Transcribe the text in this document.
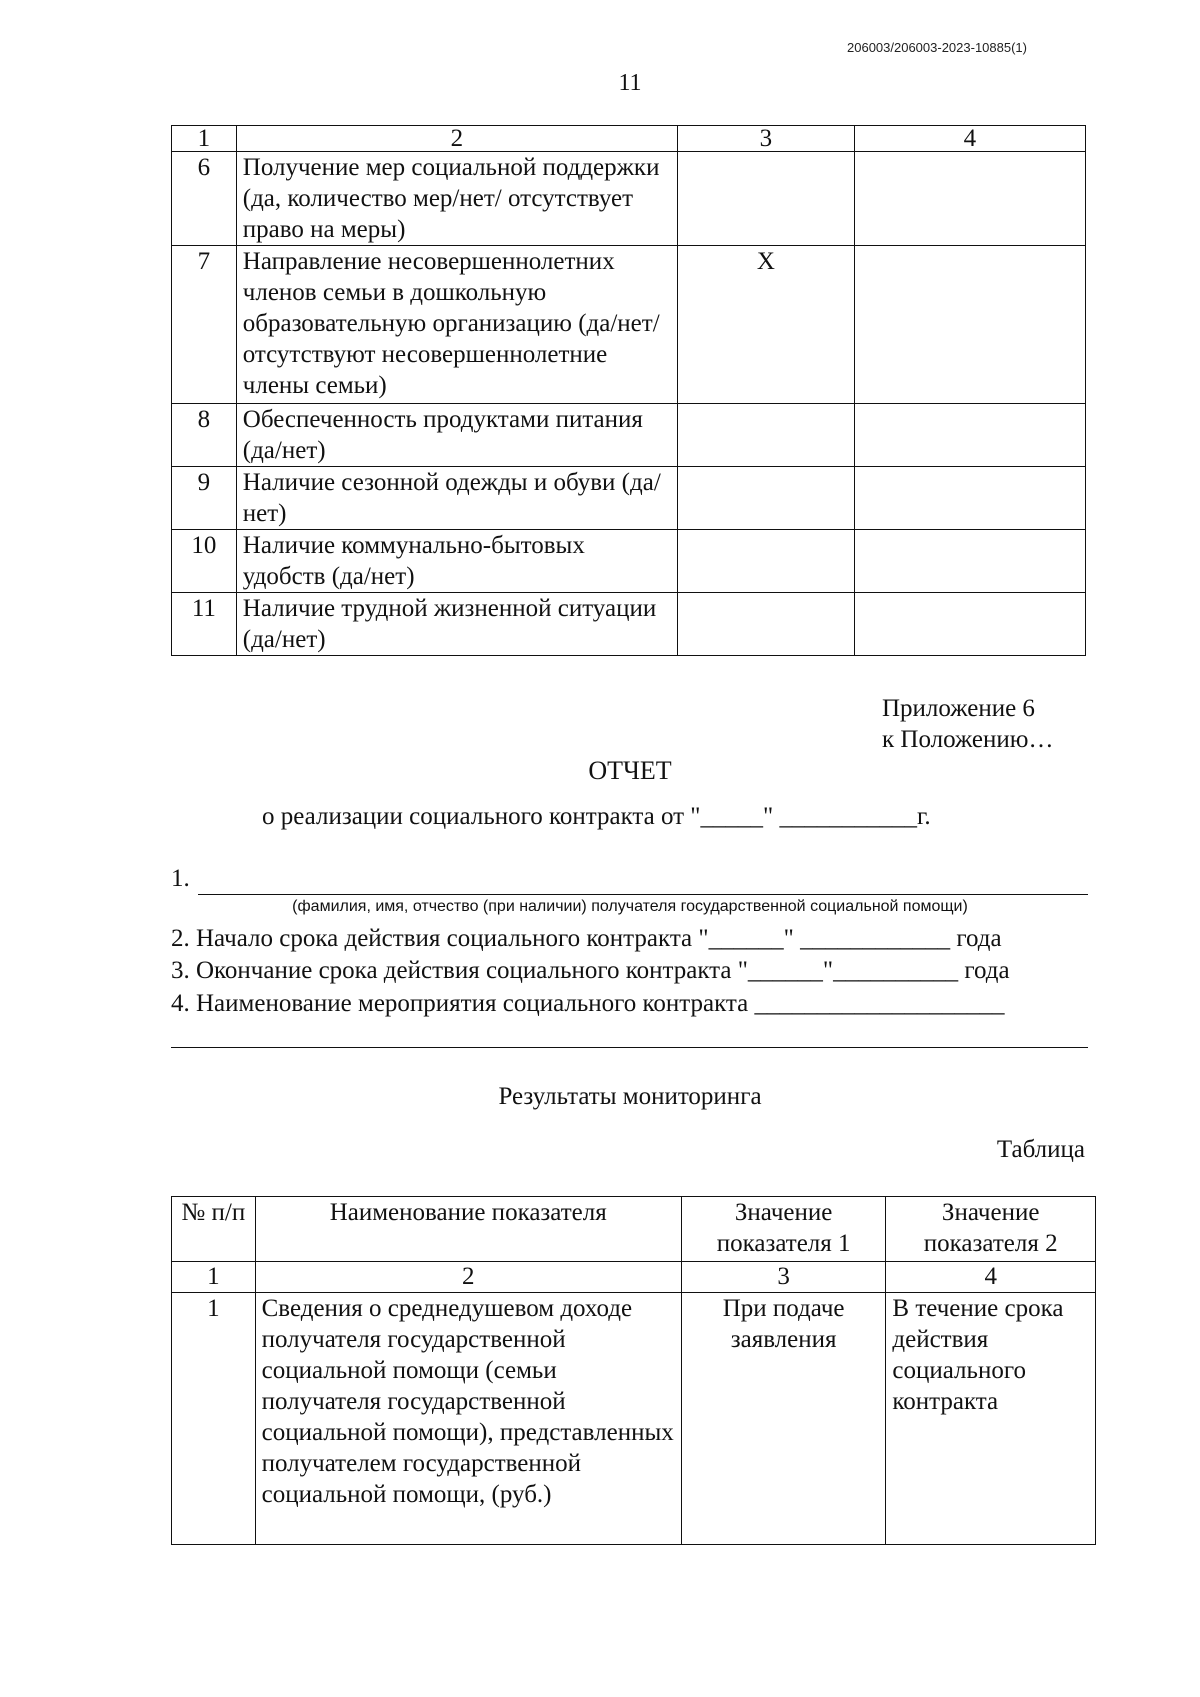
206003/206003-2023-10885(1)
11
1	2	3	4
6	Получение мер социальной поддержки (да, количество мер/нет/ отсутствует право на меры)		
7	Направление несовершеннолетних членов семьи в дошкольную образовательную организацию (да/нет/отсутствуют несовершеннолетние члены семьи)	X	
8	Обеспеченность продуктами питания (да/нет)		
9	Наличие сезонной одежды и обуви (да/нет)		
10	Наличие коммунально-бытовых удобств (да/нет)		
11	Наличие трудной жизненной ситуации (да/нет)		
Приложение 6
к Положению…
ОТЧЕТ
о реализации социального контракта от "_____" ___________г.
1.
(фамилия, имя, отчество (при наличии) получателя государственной социальной помощи)
2. Начало срока действия социального контракта "______" ____________ года
3. Окончание срока действия социального контракта "______"__________ года
4. Наименование мероприятия социального контракта ____________________
Результаты мониторинга
Таблица
№ п/п	Наименование показателя	Значение показателя 1	Значение показателя 2
1	2	3	4
1	Сведения о среднедушевом доходе получателя государственной социальной помощи (семьи получателя государственной социальной помощи), представленных получателем государственной социальной помощи, (руб.)	При подаче заявления	В течение срока действия социального контракта
